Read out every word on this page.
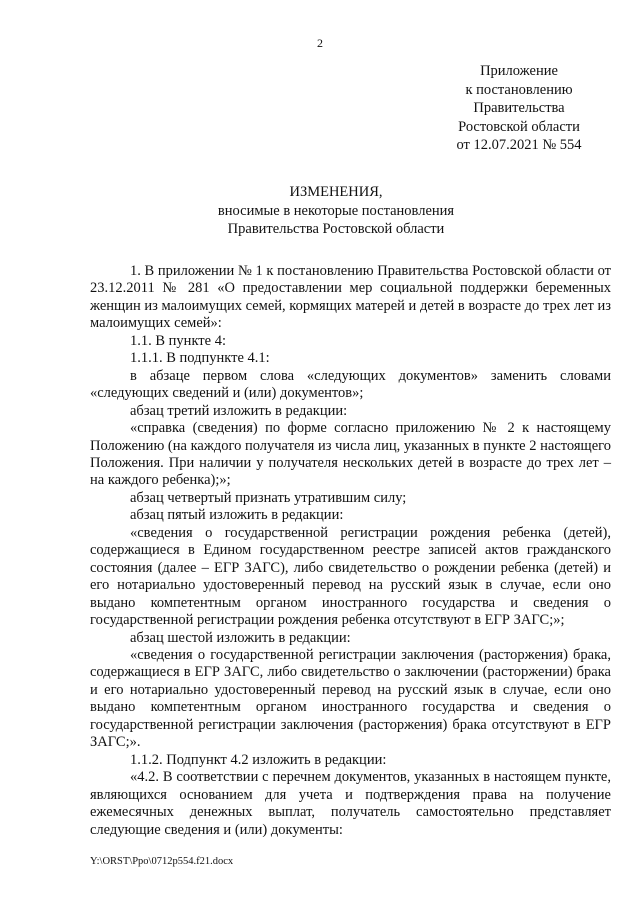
2
Приложение
к постановлению
Правительства
Ростовской области
от 12.07.2021 № 554
ИЗМЕНЕНИЯ,
вносимые в некоторые постановления
Правительства Ростовской области

1. В приложении № 1 к постановлению Правительства Ростовской области от 23.12.2011 № 281 «О предоставлении мер социальной поддержки беременных женщин из малоимущих семей, кормящих матерей и детей в возрасте до трех лет из малоимущих семей»:

1.1. В пункте 4:

1.1.1. В подпункте 4.1:

в абзаце первом слова «следующих документов» заменить словами «следующих сведений и (или) документов»;

абзац третий изложить в редакции:

«справка (сведения) по форме согласно приложению № 2 к настоящему Положению (на каждого получателя из числа лиц, указанных в пункте 2 настоящего Положения. При наличии у получателя нескольких детей в возрасте до трех лет – на каждого ребенка);»;

абзац четвертый признать утратившим силу;

абзац пятый изложить в редакции:

«сведения о государственной регистрации рождения ребенка (детей), содержащиеся в Едином государственном реестре записей актов гражданского состояния (далее – ЕГР ЗАГС), либо свидетельство о рождении ребенка (детей) и его нотариально удостоверенный перевод на русский язык в случае, если оно выдано компетентным органом иностранного государства и сведения о государственной регистрации рождения ребенка отсутствуют в ЕГР ЗАГС;»;

абзац шестой изложить в редакции:

«сведения о государственной регистрации заключения (расторжения) брака, содержащиеся в ЕГР ЗАГС, либо свидетельство о заключении (расторжении) брака и его нотариально удостоверенный перевод на русский язык в случае, если оно выдано компетентным органом иностранного государства и сведения о государственной регистрации заключения (расторжения) брака отсутствуют в ЕГР ЗАГС;».

1.1.2. Подпункт 4.2 изложить в редакции:

«4.2. В соответствии с перечнем документов, указанных в настоящем пункте, являющихся основанием для учета и подтверждения права на получение ежемесячных денежных выплат, получатель самостоятельно представляет следующие сведения и (или) документы:

Y:\ORST\Ppo\0712p554.f21.docx
